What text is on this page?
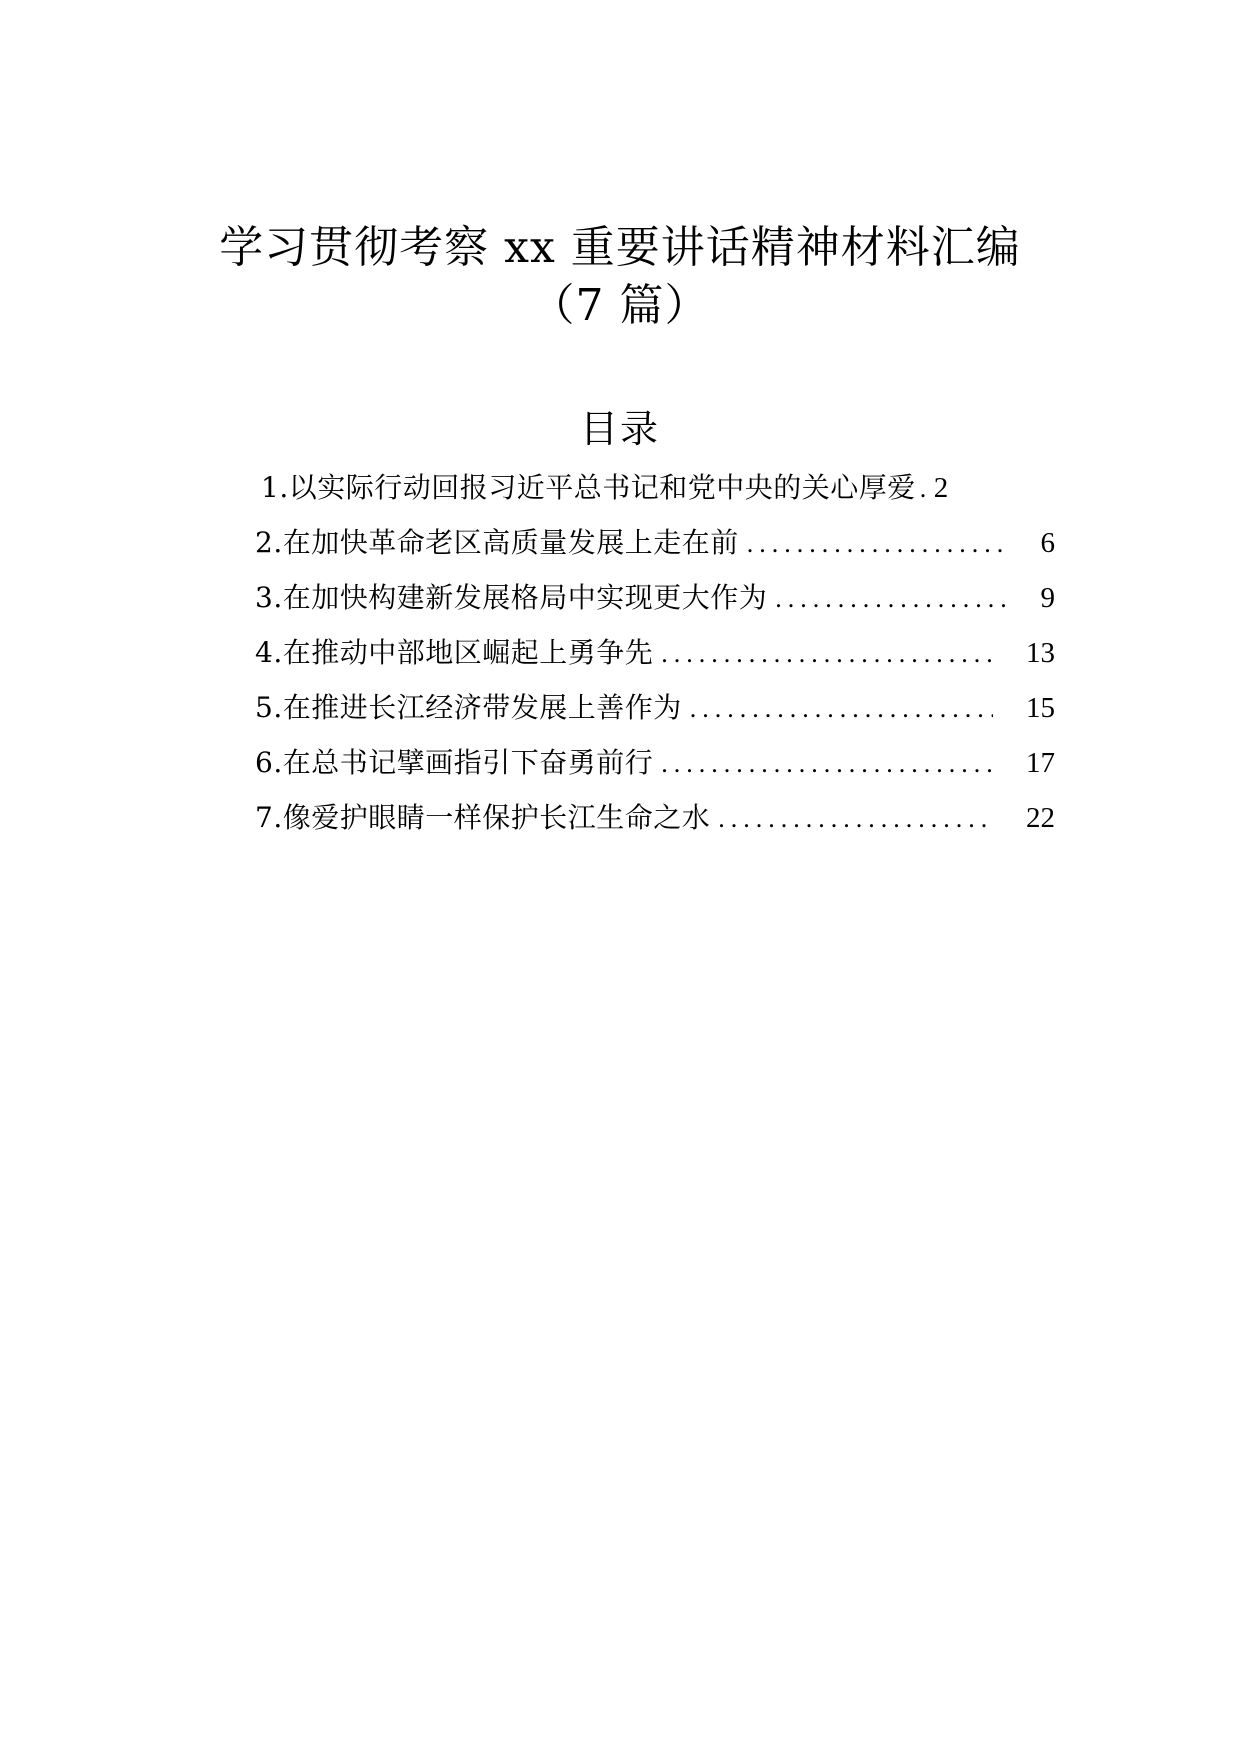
学习贯彻考察 xx 重要讲话精神材料汇编
（7 篇）
目录
1.以实际行动回报习近平总书记和党中央的关心厚爱 ..... 2
2.在加快革命老区高质量发展上走在前 .....	6
3.在加快构建新发展格局中实现更大作为 .....	9
4.在推动中部地区崛起上勇争先 .....	13
5.在推进长江经济带发展上善作为 .....	15
6.在总书记擘画指引下奋勇前行 .....	17
7.像爱护眼睛一样保护长江生命之水 .....	22
